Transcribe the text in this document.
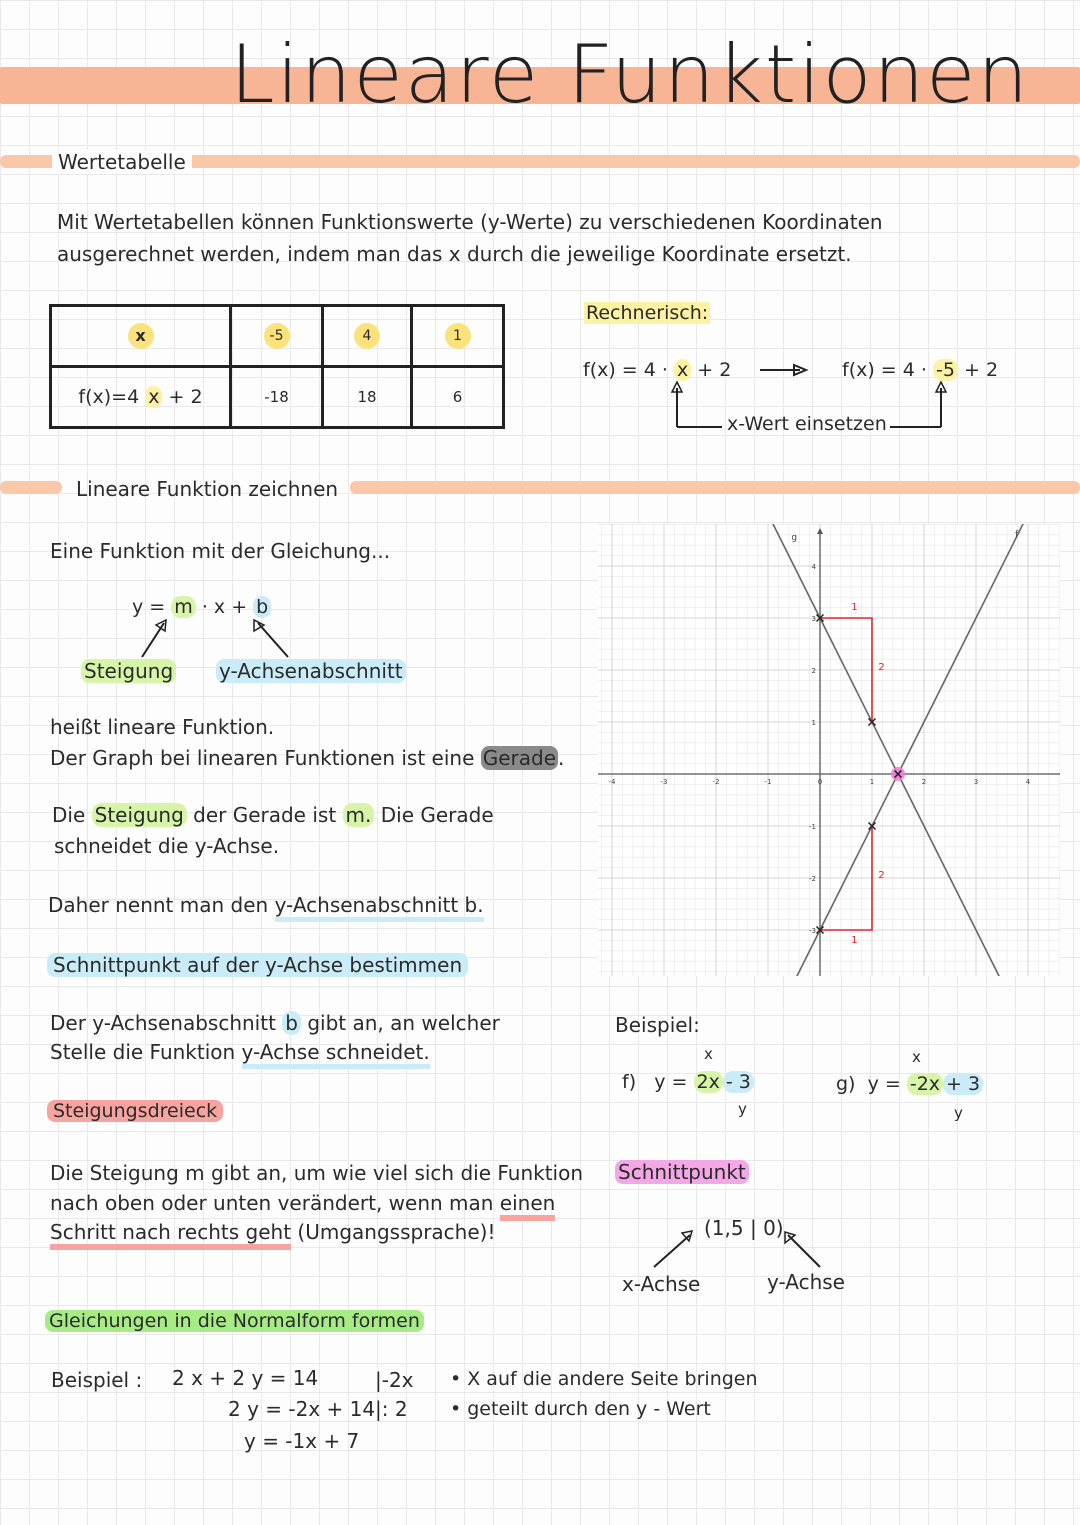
Lineare Funktionen
Wertetabelle
Mit Wertetabellen können Funktionswerte (y-Werte) zu verschiedenen Koordinaten
ausgerechnet werden, indem man das x durch die jeweilige Koordinate ersetzt.
x	-5	4	1
f(x)=4 x + 2	-18	18	6
Rechnerisch:
f(x) = 4 · x + 2	f(x) = 4 · -5 + 2
x-Wert einsetzen
Lineare Funktion zeichnen
Eine Funktion mit der Gleichung...
y = m · x + b
Steigung y-Achsenabschnitt
heißt lineare Funktion.
Der Graph bei linearen Funktionen ist eine Gerade .
Die Steigung der Gerade ist m. Die Gerade
schneidet die y-Achse.
Daher nennt man den y-Achsenabschnitt b.
Schnittpunkt auf der y-Achse bestimmen
Der y-Achsenabschnitt b gibt an, an welcher
Stelle die Funktion y-Achse schneidet.
Steigungsdreieck
Die Steigung m gibt an, um wie viel sich die Funktion
nach oben oder unten verändert, wenn man einen
Schritt nach rechts geht (Umgangssprache)!
Gleichungen in die Normalform formen
Beispiel : 2 x + 2 y = 14	|-2x
2 y = -2x + 14 |: 2
y = -1x + 7
• X auf die andere Seite bringen
• geteilt durch den y - Wert
-4	-3	-2	-1	0	1	2	3	4
4
3
2
1
-1
-2
-3
g	f
1
2
2
1
Beispiel:
x
f) y = 2x - 3
y
x
g) y = -2x + 3
y
Schnittpunkt
(1,5 | 0)
x-Achse	y-Achse
